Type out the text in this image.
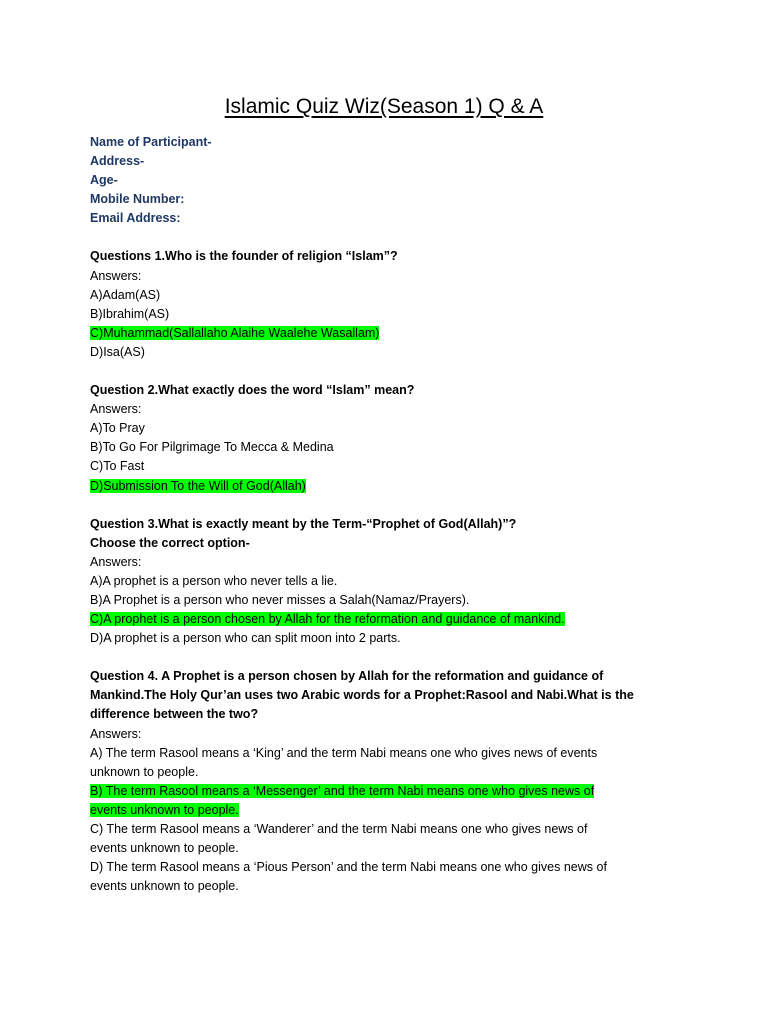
Islamic Quiz Wiz(Season 1) Q & A
Name of Participant-
Address-
Age-
Mobile Number:
Email Address:
Questions 1.Who is the founder of religion “Islam”?
Answers:
A)Adam(AS)
B)Ibrahim(AS)
C)Muhammad(Sallallaho Alaihe Waalehe Wasallam)
D)Isa(AS)
Question 2.What exactly does the word “Islam” mean?
Answers:
A)To Pray
B)To Go For Pilgrimage To Mecca & Medina
C)To Fast
D)Submission To the Will of God(Allah)
Question 3.What is exactly meant by the Term-“Prophet of God(Allah)”?
Choose the correct option-
Answers:
A)A prophet is a person who never tells a lie.
B)A Prophet is a person who never misses a Salah(Namaz/Prayers).
C)A prophet is a person chosen by Allah for the reformation and guidance of mankind.
D)A prophet is a person who can split moon into 2 parts.
Question 4. A Prophet is a person chosen by Allah for the reformation and guidance of
Mankind.The Holy Qur’an uses two Arabic words for a Prophet:Rasool and Nabi.What is the
difference between the two?
Answers:
A) The term Rasool means a ‘King’ and the term Nabi means one who gives news of events
unknown to people.
B) The term Rasool means a ‘Messenger’ and the term Nabi means one who gives news of
events unknown to people.
C) The term Rasool means a ‘Wanderer’ and the term Nabi means one who gives news of
events unknown to people.
D) The term Rasool means a ‘Pious Person’ and the term Nabi means one who gives news of
events unknown to people.
